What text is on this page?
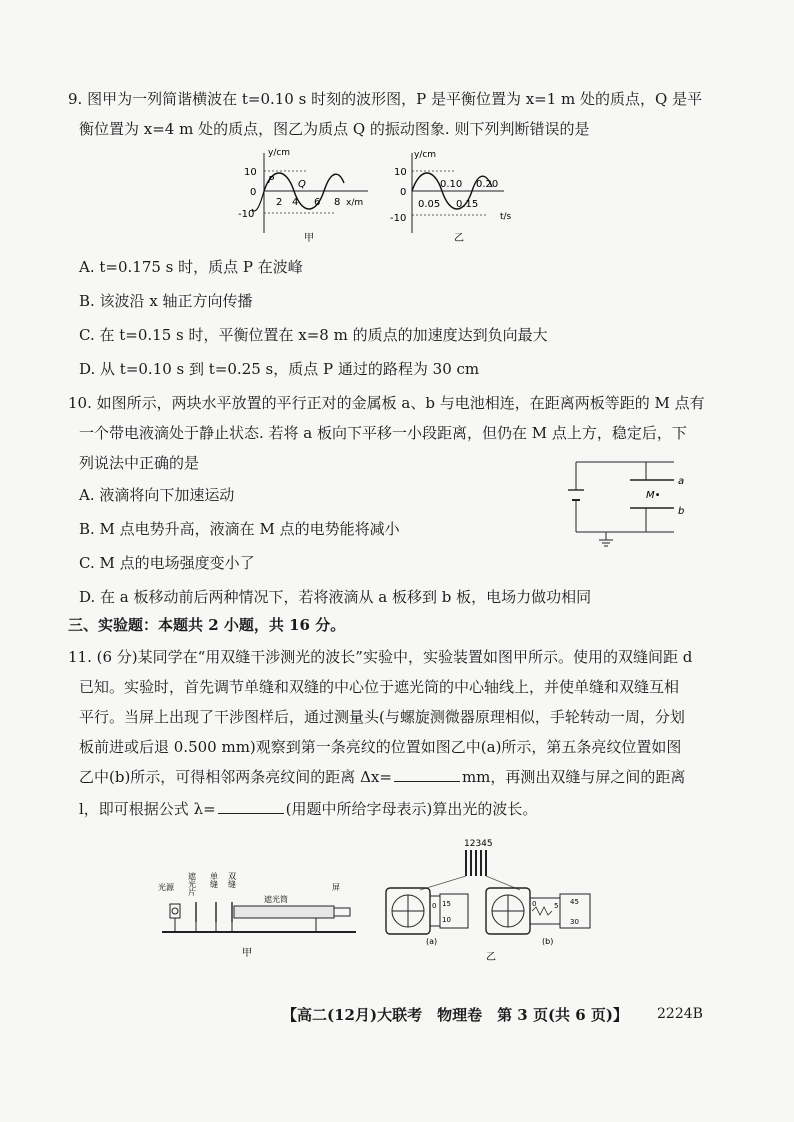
9. 图甲为一列简谐横波在 t=0.10 s 时刻的波形图，P 是平衡位置为 x=1 m 处的质点，Q 是平
衡位置为 x=4 m 处的质点，图乙为质点 Q 的振动图象. 则下列判断错误的是
y/cm
x/m
10
0
-10
2 4 6 8
P Q
甲
y/cm
t/s
10
0
-10
0.10 0.20
0.05 0.15
乙
A. t=0.175 s 时，质点 P 在波峰
B. 该波沿 x 轴正方向传播
C. 在 t=0.15 s 时，平衡位置在 x=8 m 的质点的加速度达到负向最大
D. 从 t=0.10 s 到 t=0.25 s，质点 P 通过的路程为 30 cm
10. 如图所示，两块水平放置的平行正对的金属板 a、b 与电池相连，在距离两板等距的 M 点有
一个带电液滴处于静止状态. 若将 a 板向下平移一小段距离，但仍在 M 点上方，稳定后，下
列说法中正确的是
a
b
M•
A. 液滴将向下加速运动
B. M 点电势升高，液滴在 M 点的电势能将减小
C. M 点的电场强度变小了
D. 在 a 板移动前后两种情况下，若将液滴从 a 板移到 b 板，电场力做功相同
三、实验题：本题共 2 小题，共 16 分。
11. (6 分)某同学在“用双缝干涉测光的波长”实验中，实验装置如图甲所示。使用的双缝间距 d
已知。实验时，首先调节单缝和双缝的中心位于遮光筒的中心轴线上，并使单缝和双缝互相
平行。当屏上出现了干涉图样后，通过测量头(与螺旋测微器原理相似，手轮转动一周，分划
板前进或后退 0.500 mm)观察到第一条亮纹的位置如图乙中(a)所示，第五条亮纹位置如图
乙中(b)所示，可得相邻两条亮纹间的距离 Δx=	mm，再测出双缝与屏之间的距离
l，即可根据公式 λ=	(用题中所给字母表示)算出光的波长。
光源 遮光片 单缝 双缝
遮光筒
屏
甲
12345
0 15
10
(a)
0	45
5
30
(b)
乙
【高二(12月)大联考　物理卷　第 3 页(共 6 页)】 2224B
